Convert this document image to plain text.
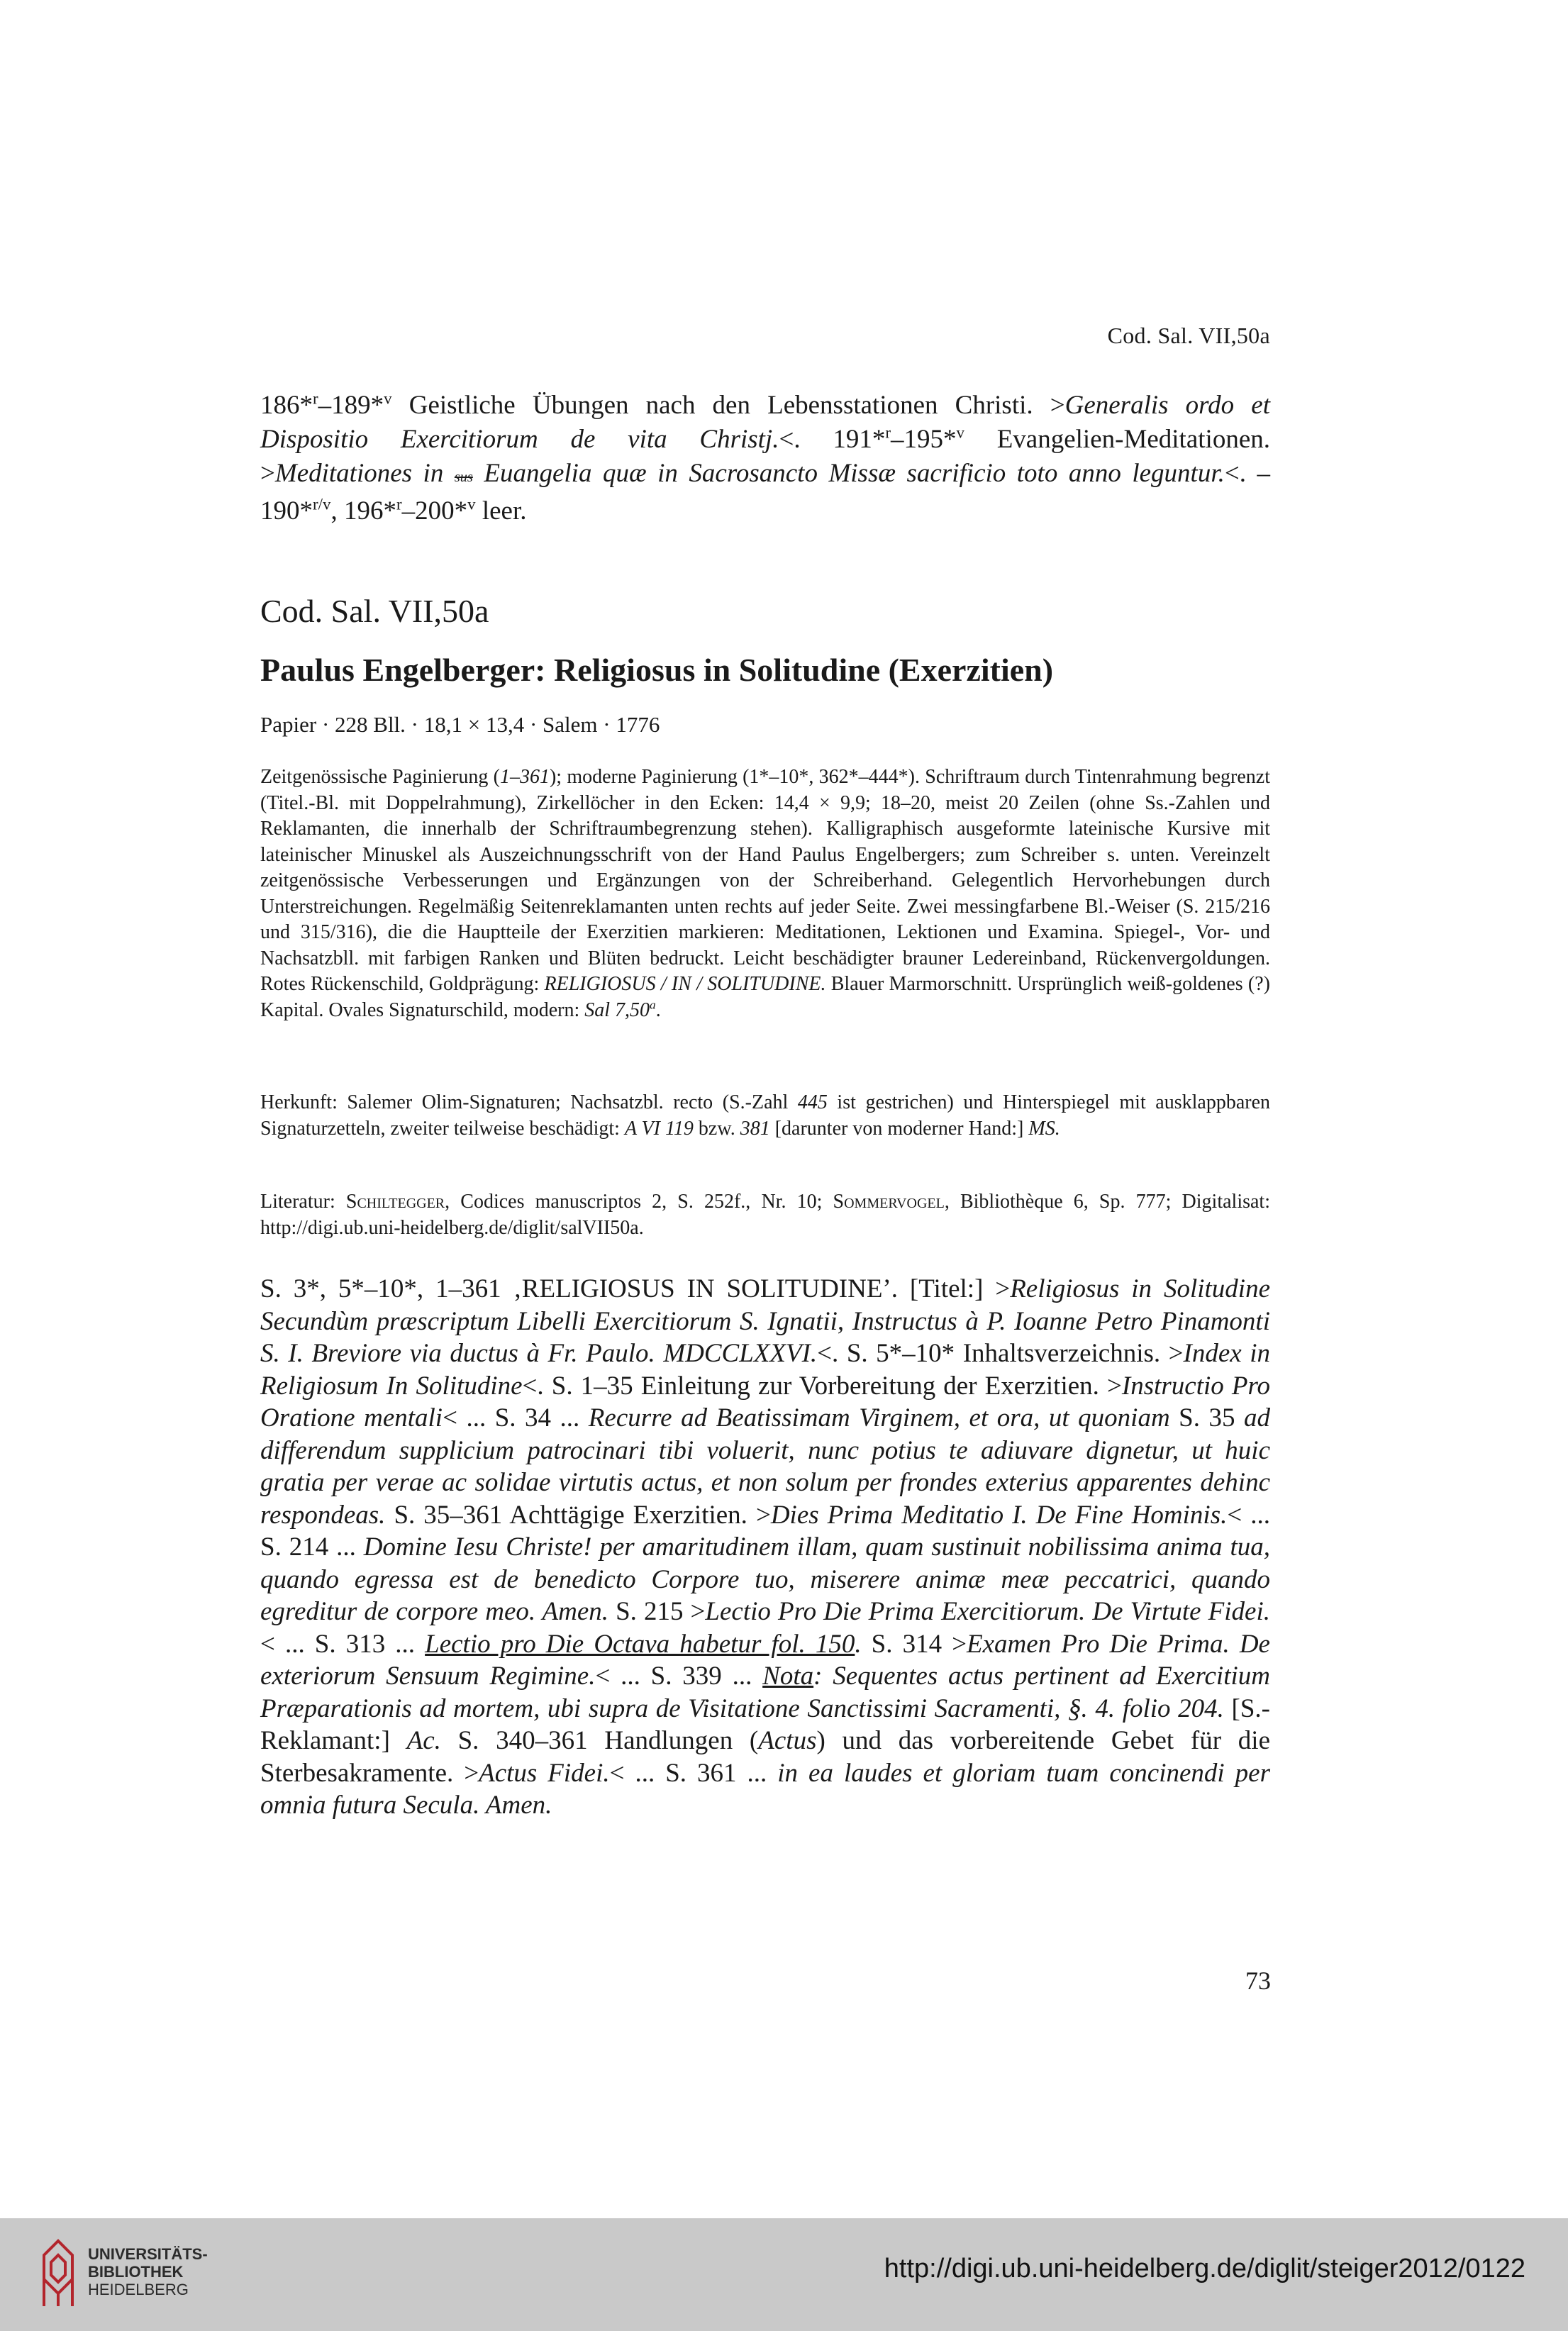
Cod. Sal. VII,50a
186*$^r$–189*$^v$ Geistliche Übungen nach den Lebensstationen Christi. >Generalis ordo et Dispositio Exercitiorum de vita Christj.<. 191*$^r$–195*$^v$ Evangelien-Meditationen. >Meditationes in sus Euangelia quæ in Sacrosancto Missæ sacrificio toto anno leguntur.<. – 190*$^{r/v}$, 196*$^r$–200*$^v$ leer.
Cod. Sal. VII,50a
Paulus Engelberger: Religiosus in Solitudine (Exerzitien)
Papier · 228 Bll. · 18,1 × 13,4 · Salem · 1776
Zeitgenössische Paginierung (1–361); moderne Paginierung (1*–10*, 362*–444*). Schriftraum durch Tintenrahmung begrenzt (Titel.-Bl. mit Doppelrahmung), Zirkellöcher in den Ecken: 14,4 × 9,9; 18–20, meist 20 Zeilen (ohne Ss.-Zahlen und Reklamanten, die innerhalb der Schriftraumbegrenzung stehen). Kalligraphisch ausgeformte lateinische Kursive mit lateinischer Minuskel als Auszeichnungsschrift von der Hand Paulus Engelbergers; zum Schreiber s. unten. Vereinzelt zeitgenössische Verbesserungen und Ergänzungen von der Schreiberhand. Gelegentlich Hervorhebungen durch Unterstreichungen. Regelmäßig Seitenreklamanten unten rechts auf jeder Seite. Zwei messingfarbene Bl.-Weiser (S. 215/216 und 315/316), die die Hauptteile der Exerzitien markieren: Meditationen, Lektionen und Examina. Spiegel-, Vor- und Nachsatzbll. mit farbigen Ranken und Blüten bedruckt. Leicht beschädigter brauner Ledereinband, Rückenvergoldungen. Rotes Rückenschild, Goldprägung: RELIGIOSUS / IN / SOLITUDINE. Blauer Marmorschnitt. Ursprünglich weiß-goldenes (?) Kapital. Ovales Signaturschild, modern: Sal 7,50$^a$.
Herkunft: Salemer Olim-Signaturen; Nachsatzbl. recto (S.-Zahl 445 ist gestrichen) und Hinterspiegel mit ausklappbaren Signaturzetteln, zweiter teilweise beschädigt: A VI 119 bzw. 381 [darunter von moderner Hand:] MS.
Literatur: Schiltegger, Codices manuscriptos 2, S. 252f., Nr. 10; Sommervogel, Bibliothèque 6, Sp. 777; Digitalisat: http://digi.ub.uni-heidelberg.de/diglit/salVII50a.
S. 3*, 5*–10*, 1–361 ‚RELIGIOSUS IN SOLITUDINE’. [Titel:] >Religiosus in Solitudine Secundùm præscriptum Libelli Exercitiorum S. Ignatii, Instructus à P. Ioanne Petro Pinamonti S. I. Breviore via ductus à Fr. Paulo. MDCCLXXVI.<. S. 5*–10* Inhaltsverzeichnis. >Index in Religiosum In Solitudine<. S. 1–35 Einleitung zur Vorbereitung der Exerzitien. >Instructio Pro Oratione mentali< ... S. 34 ... Recurre ad Beatissimam Virginem, et ora, ut quoniam S. 35 ad differendum supplicium patrocinari tibi voluerit, nunc potius te adiuvare dignetur, ut huic gratia per verae ac solidae virtutis actus, et non solum per frondes exterius apparentes dehinc respondeas. S. 35–361 Achttägige Exerzitien. >Dies Prima Meditatio I. De Fine Hominis.< ... S. 214 ... Domine Iesu Christe! per amaritudinem illam, quam sustinuit nobilissima anima tua, quando egressa est de benedicto Corpore tuo, miserere animæ meæ peccatrici, quando egreditur de corpore meo. Amen. S. 215 >Lectio Pro Die Prima Exercitiorum. De Virtute Fidei.< ... S. 313 ... Lectio pro Die Octava habetur fol. 150. S. 314 >Examen Pro Die Prima. De exteriorum Sensuum Regimine.< ... S. 339 ... Nota: Sequentes actus pertinent ad Exercitium Præparationis ad mortem, ubi supra de Visitatione Sanctissimi Sacramenti, §. 4. folio 204. [S.-Reklamant:] Ac. S. 340–361 Handlungen (Actus) und das vorbereitende Gebet für die Sterbesakramente. >Actus Fidei.< ... S. 361 ... in ea laudes et gloriam tuam concinendi per omnia futura Secula. Amen.
73
UNIVERSITÄTS-
BIBLIOTHEK
HEIDELBERG
http://digi.ub.uni-heidelberg.de/diglit/steiger2012/0122
